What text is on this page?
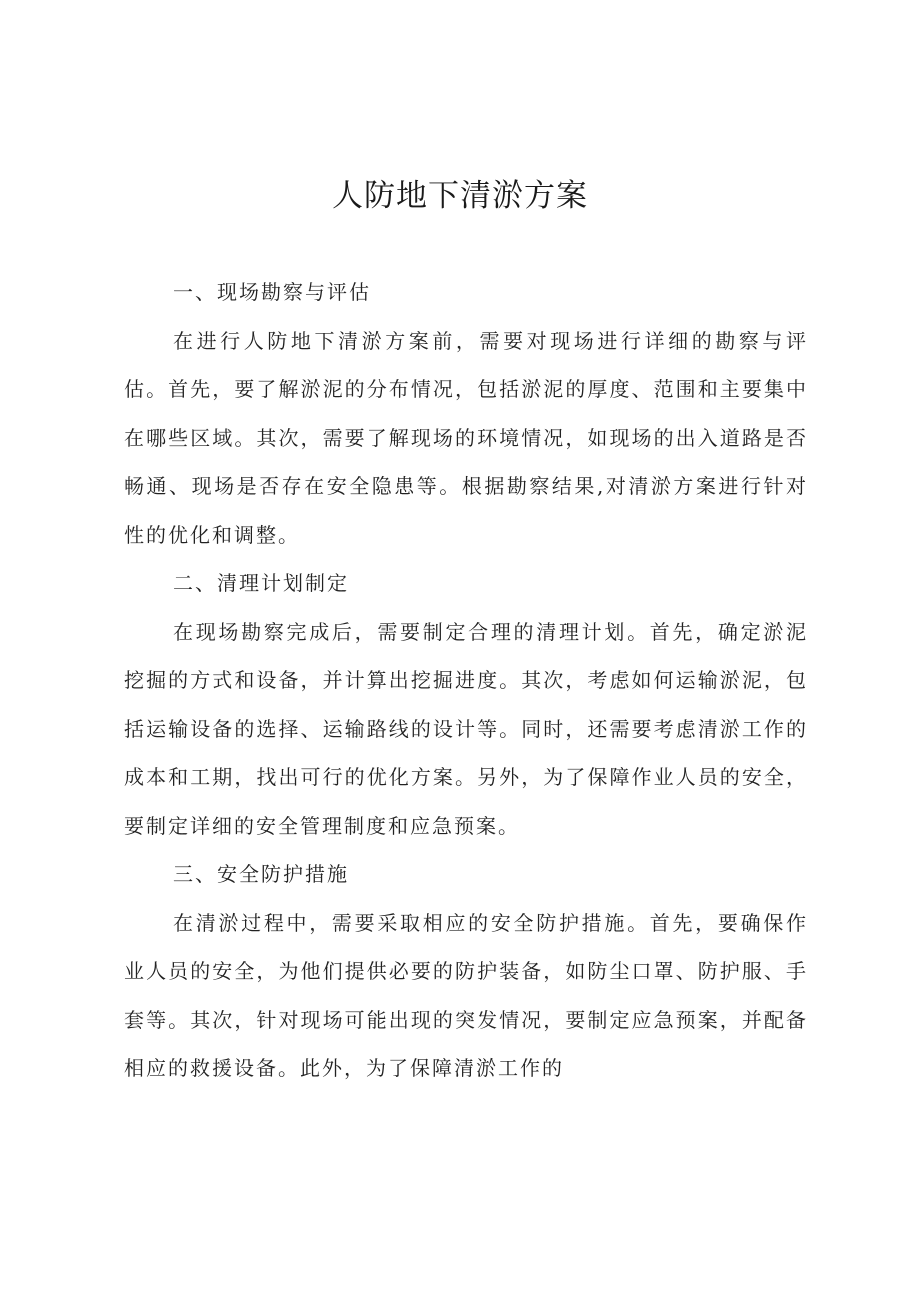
人防地下清淤方案
一、现场勘察与评估

在进行人防地下清淤方案前，需要对现场进行详细的勘察与评估。首先，要了解淤泥的分布情况，包括淤泥的厚度、范围和主要集中在哪些区域。其次，需要了解现场的环境情况，如现场的出入道路是否畅通、现场是否存在安全隐患等。根据勘察结果,对清淤方案进行针对性的优化和调整。

二、清理计划制定

在现场勘察完成后，需要制定合理的清理计划。首先，确定淤泥挖掘的方式和设备，并计算出挖掘进度。其次，考虑如何运输淤泥，包括运输设备的选择、运输路线的设计等。同时，还需要考虑清淤工作的成本和工期，找出可行的优化方案。另外，为了保障作业人员的安全，要制定详细的安全管理制度和应急预案。

三、安全防护措施

在清淤过程中，需要采取相应的安全防护措施。首先，要确保作业人员的安全，为他们提供必要的防护装备，如防尘口罩、防护服、手套等。其次，针对现场可能出现的突发情况，要制定应急预案，并配备相应的救援设备。此外，为了保障清淤工作的
